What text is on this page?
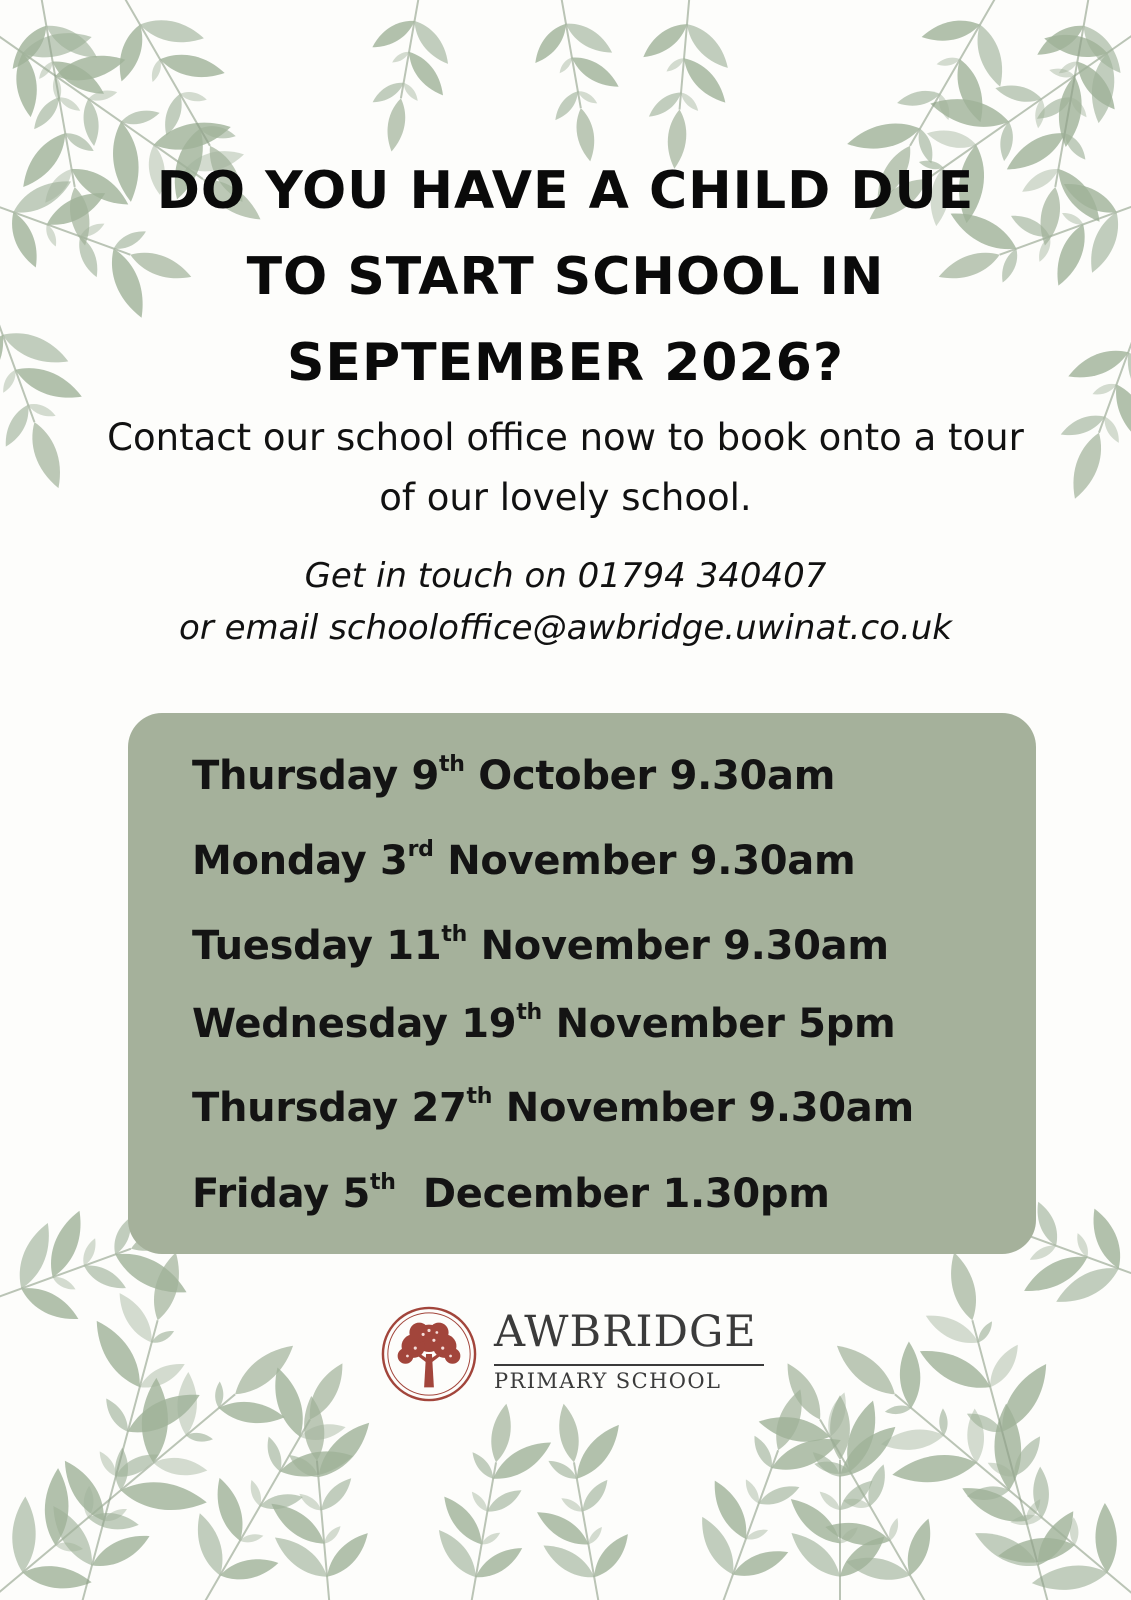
DO YOU HAVE A CHILD DUE
TO START SCHOOL IN
SEPTEMBER 2026?
Contact our school office now to book onto a tour
of our lovely school.
Get in touch on 01794 340407
or email schooloffice@awbridge.uwinat.co.uk
Thursday 9th October 9.30am
Monday 3rd November 9.30am
Tuesday 11th November 9.30am
Wednesday 19th November 5pm
Thursday 27th November 9.30am
Friday 5th  December 1.30pm
AWBRIDGE
PRIMARY SCHOOL
